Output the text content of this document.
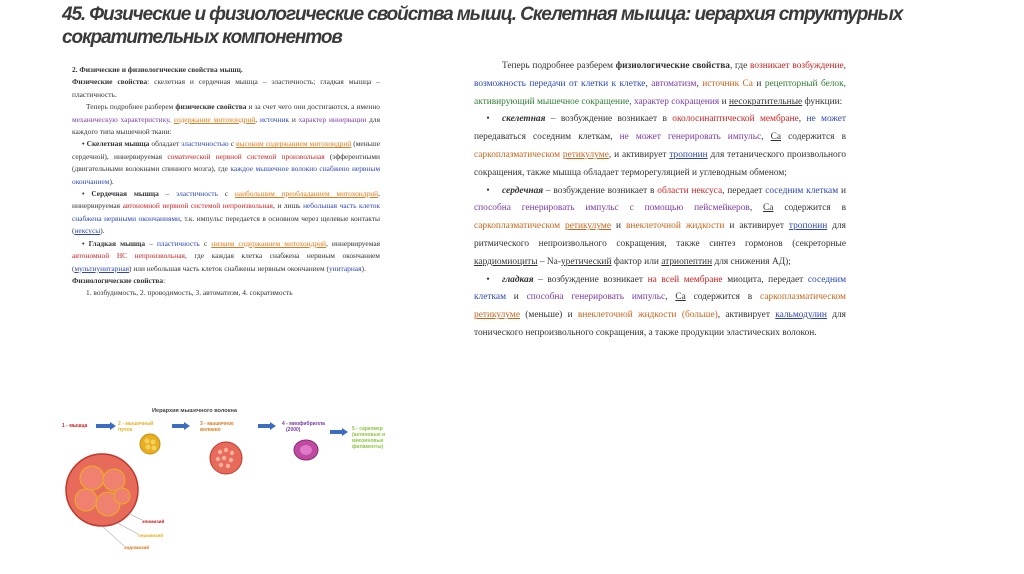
45. Физические и физиологические свойства мышц. Скелетная мышца: иерархия структурных сократительных компонентов

2. Физические и физиологические свойства мышц.

Физические свойства: скелетная и сердечная мышца – эластичность; гладкая мышца – пластичность.

Теперь подробнее разберем физические свойства и за счет чего они достигаются, а именно механическую характеристику, содержание митохондрий, источник и характер иннервации для каждого типа мышечной ткани:

• Скелетная мышца обладает эластичностью с высоким содержанием митохондрий (меньше сердечной), иннервируемая соматической нервной системой произвольная (эфферентными (двигательными волокнами спинного мозга), где каждое мышечное волокно снабжено нервным окончанием).

• Сердечная мышца – эластичность с наибольшим преобладанием митохондрий, иннервируемая автономной нервной системой непроизвольная, и лишь небольшая часть клеток снабжена нервными окончаниями, т.к. импульс передается в основном через щелевые контакты (нексусы).

• Гладкая мышца – пластичность с низким содержанием митохондрий, иннервируемая автономной НС непроизвольная, где каждая клетка снабжена нервным окончанием (мультиунитарная) или небольшая часть клеток снабжены нервным окончанием (унитарная).

Физиологические свойства:

1. возбудимость, 2. проводимость, 3. автоматизм, 4. сократимость

Иерархия мышечного волокна
1 - мышца	2 - мышечный
пучок
3 - мышечное
волокно
4 - миофибрилла
(2000)	5 - саркомер
(актиновые и
миозиновые
филаменты)
эпимизий
перимизий
эндомизий

Теперь подробнее разберем физиологические свойства, где возникает возбуждение, возможность передачи от клетки к клетке, автоматизм, источник Са и рецепторный белок, активирующий мышечное сокращение, характер сокращения и несократительные функции:

• скелетная – возбуждение возникает в околосинаптической мембране, не может передаваться соседним клеткам, не может генерировать импульс, Са содержится в саркоплазматическом ретикулуме, и активирует тропонин для тетанического произвольного сокращения, также мышца обладает терморегуляцией и углеводным обменом;

• сердечная – возбуждение возникает в области нексуса, передает соседним клеткам и способна генерировать импульс с помощью пейсмейкеров, Са содержится в саркоплазматическом ретикулуме и внеклеточной жидкости и активирует тропонин для ритмического непроизвольного сокращения, также синтез гормонов (секреторные кардиомиоциты – Na-уретический фактор или атриопептин для снижения АД);

• гладкая – возбуждение возникает на всей мембране миоцита, передает соседним клеткам и способна генерировать импульс, Са содержится в саркоплазматическом ретикулуме (меньше) и внеклеточной жидкости (больше), активирует кальмодулин для тонического непроизвольного сокращения, а также продукции эластических волокон.
